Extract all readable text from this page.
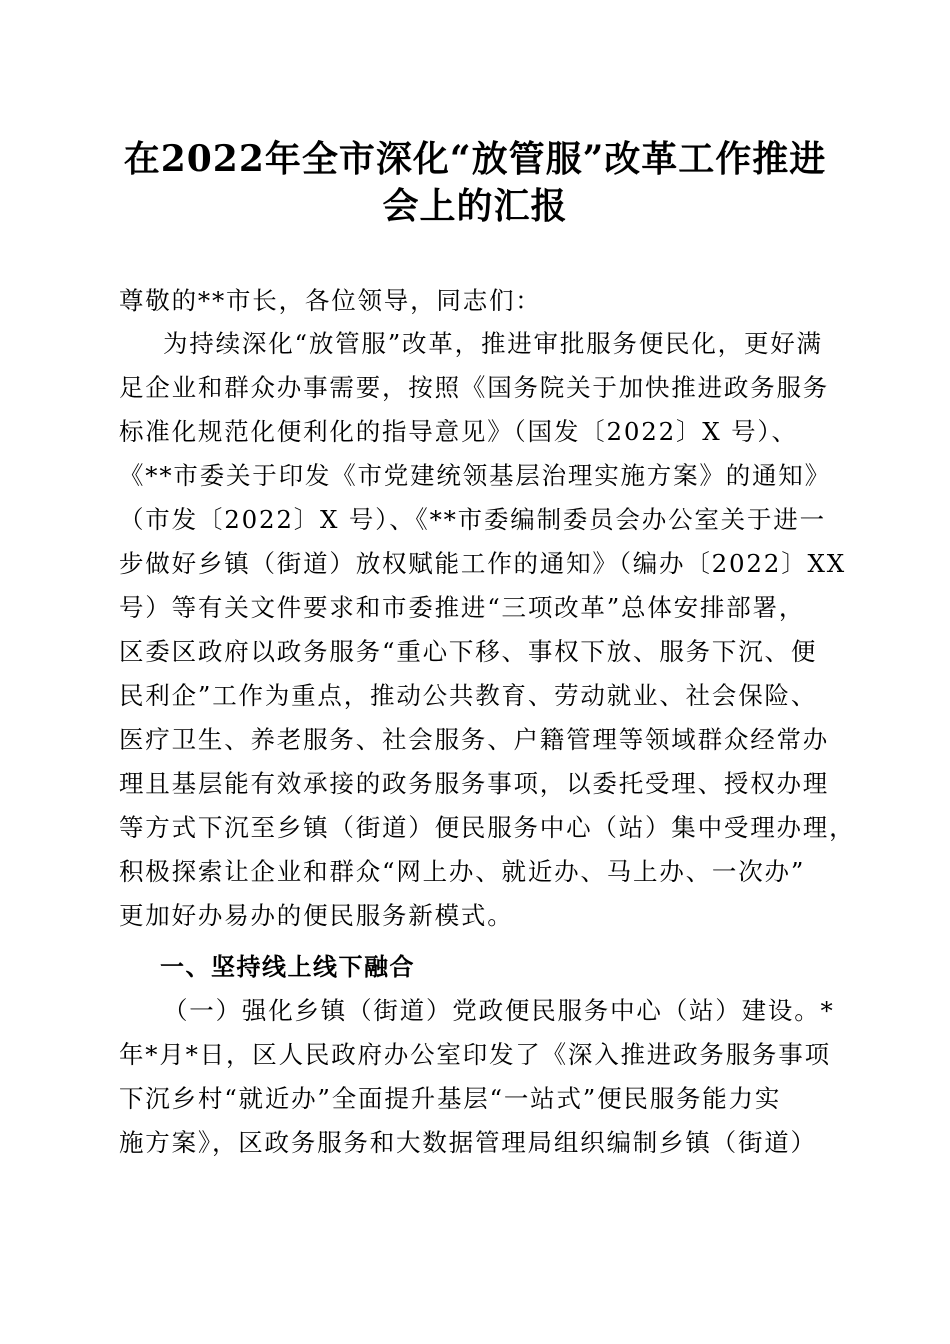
在2022年全市深化“放管服”改革工作推进
会上的汇报
尊敬的**市长，各位领导，同志们：
为持续深化“放管服”改革，推进审批服务便民化，更好满
足企业和群众办事需要，按照《国务院关于加快推进政务服务
标准化规范化便利化的指导意见》（国发〔2022〕X 号）、
《**市委关于印发《市党建统领基层治理实施方案》的通知》
（市发〔2022〕X 号）、《**市委编制委员会办公室关于进一
步做好乡镇（街道）放权赋能工作的通知》（编办〔2022〕XX
号）等有关文件要求和市委推进“三项改革”总体安排部署，
区委区政府以政务服务“重心下移、事权下放、服务下沉、便
民利企”工作为重点，推动公共教育、劳动就业、社会保险、
医疗卫生、养老服务、社会服务、户籍管理等领域群众经常办
理且基层能有效承接的政务服务事项，以委托受理、授权办理
等方式下沉至乡镇（街道）便民服务中心（站）集中受理办理，
积极探索让企业和群众“网上办、就近办、马上办、一次办”
更加好办易办的便民服务新模式。
一、坚持线上线下融合
（一）强化乡镇（街道）党政便民服务中心（站）建设。*
年*月*日，区人民政府办公室印发了《深入推进政务服务事项
下沉乡村“就近办”全面提升基层“一站式”便民服务能力实
施方案》，区政务服务和大数据管理局组织编制乡镇（街道）
